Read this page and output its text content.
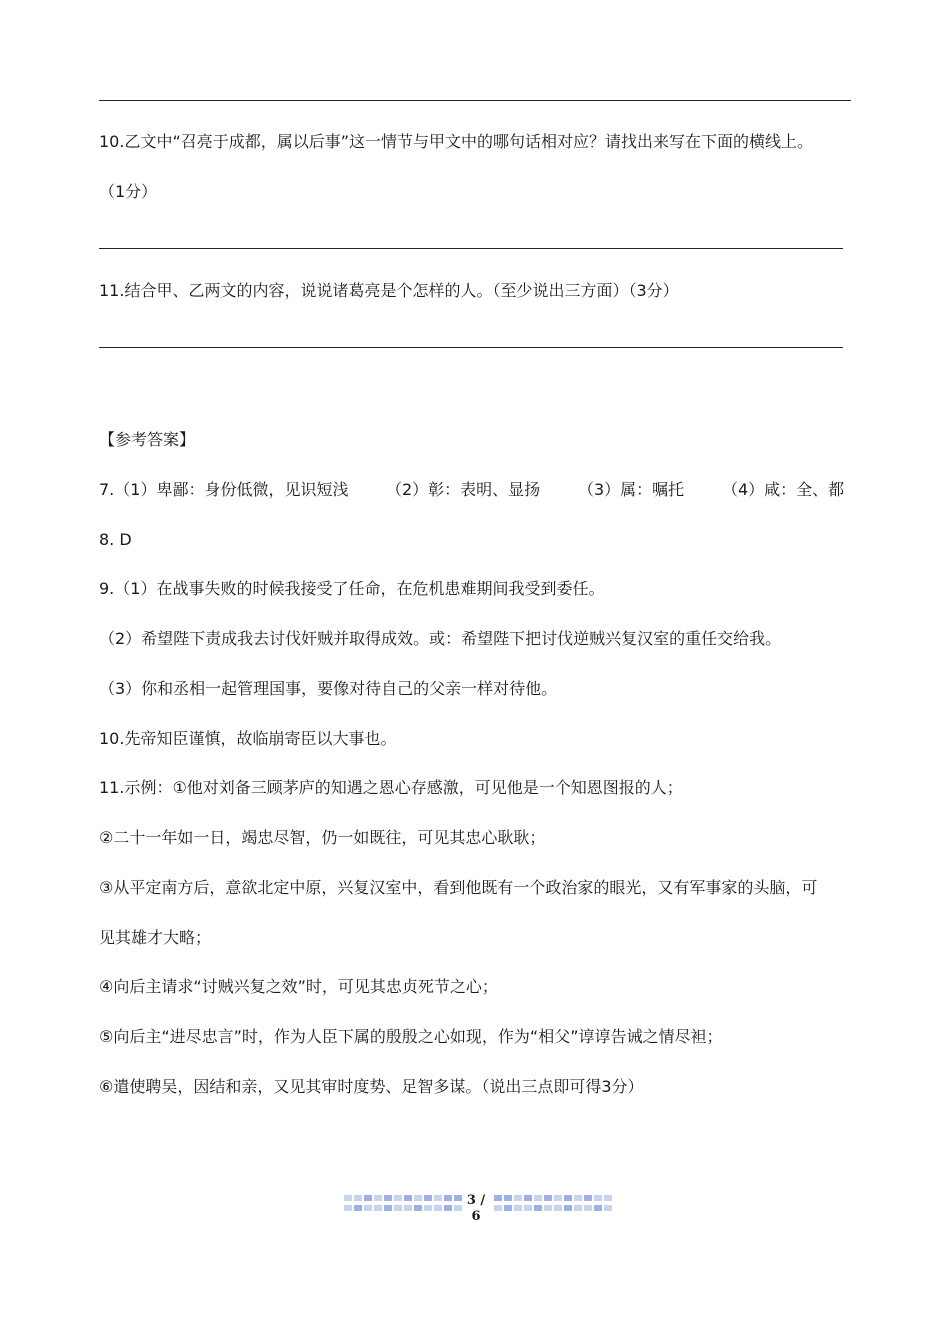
10.乙文中“召亮于成都，属以后事”这一情节与甲文中的哪句话相对应？请找出来写在下面的横线上。
（1分）
11.结合甲、乙两文的内容，说说诸葛亮是个怎样的人。（至少说出三方面）（3分）
【参考答案】
7.（1）卑鄙：身份低微，见识短浅 （2）彰：表明、显扬 （3）属：嘱托 （4）咸：全、都
8. D
9.（1）在战事失败的时候我接受了任命，在危机患难期间我受到委任。
（2）希望陛下责成我去讨伐奸贼并取得成效。或：希望陛下把讨伐逆贼兴复汉室的重任交给我。
（3）你和丞相一起管理国事，要像对待自己的父亲一样对待他。
10.先帝知臣谨慎，故临崩寄臣以大事也。
11.示例：①他对刘备三顾茅庐的知遇之恩心存感激，可见他是一个知恩图报的人；
②二十一年如一日，竭忠尽智，仍一如既往，可见其忠心耿耿；
③从平定南方后，意欲北定中原，兴复汉室中，看到他既有一个政治家的眼光，又有军事家的头脑，可
见其雄才大略；
④向后主请求“讨贼兴复之效”时，可见其忠贞死节之心；
⑤向后主“进尽忠言”时，作为人臣下属的殷殷之心如现，作为“相父”谆谆告诫之情尽袒；
⑥遣使聘吴，因结和亲，又见其审时度势、足智多谋。（说出三点即可得3分）
3 / 6
